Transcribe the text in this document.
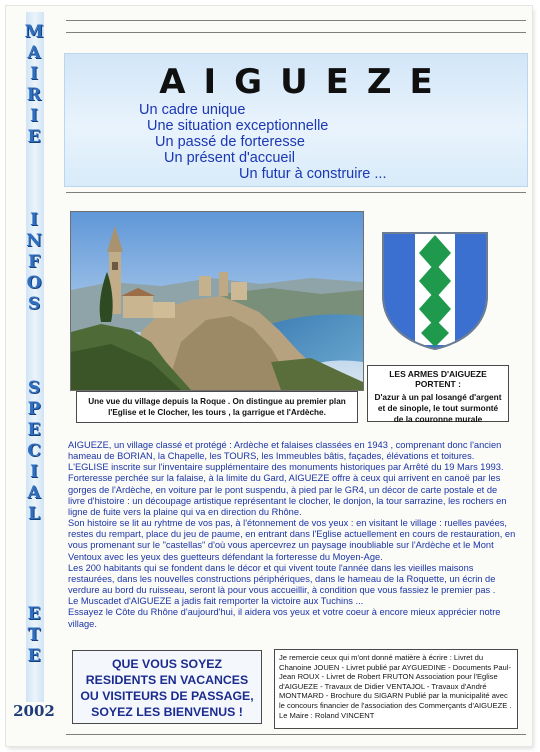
M
A
I
R
I
E
I
N
F
O
S
S
P
E
C
I
A
L
E
T
E
2002
AIGUEZE
Un cadre unique
Une situation exceptionnelle
Un passé de forteresse
Un présent d'accueil
Un futur à construire ...
Une vue du village depuis la Roque . On distingue au premier plan l'Eglise et le Clocher, les tours , la garrigue et l'Ardèche.
LES ARMES D'AIGUEZE PORTENT :
D'azur à un pal losangé d'argent et de sinople, le tout surmonté de la couronne murale

AIGUEZE, un village classé et protégé : Ardèche et falaises classées en 1943 , comprenant donc l'ancien hameau de BORIAN, la Chapelle, les TOURS, les Immeubles bâtis, façades, élévations et toitures. L'EGLISE inscrite sur l'inventaire supplémentaire des monuments historiques par Arrêté du 19 Mars 1993.

Forteresse perchée sur la falaise, à la limite du Gard, AIGUEZE offre à ceux qui arrivent en canoë par les gorges de l'Ardèche, en voiture par le pont suspendu, à pied par le GR4, un décor de carte postale et de livre d'histoire : un découpage artistique représentant le clocher, le donjon, la tour sarrazine, les rochers en ligne de fuite vers la plaine qui va en direction du Rhône.

Son histoire se lit au ryhtme de vos pas, à l'étonnement de vos yeux : en visitant le village : ruelles pavées, restes du rempart, place du jeu de paume, en entrant dans l'Eglise actuellement en cours de restauration, en vous promenant sur le "castellas" d'où vous apercevrez un paysage inoubliable sur l'Ardèche et le Mont Ventoux avec les yeux des guetteurs défendant la forteresse du Moyen-Age.

Les 200 habitants qui se fondent dans le décor et qui vivent toute l'année dans les vieilles maisons restaurées, dans les nouvelles constructions périphériques, dans le hameau de la Roquette, un écrin de verdure au bord du ruisseau, seront là pour vous accueillir, à condition que vous fassiez le premier pas .

Le Muscadet d'AIGUEZE a jadis fait remporter la victoire aux Tuchins ...

Essayez le Côte du Rhône d'aujourd'hui, il aidera vos yeux et votre coeur à encore mieux apprécier notre village.

QUE VOUS SOYEZ
RESIDENTS EN VACANCES
OU VISITEURS DE PASSAGE,
SOYEZ LES BIENVENUS !
Je remercie ceux qui m'ont donné matière à écrire : Livret du Chanoine JOUEN - Livret publié par AYGUEDINE - Documents Paul-Jean ROUX - Livret de Robert FRUTON Association pour l'Eglise d'AIGUEZE - Travaux de Didier VENTAJOL - Travaux d'André MONTMARD - Brochure du SIGARN Publié par la municipalité avec le concours financier de l'association des Commerçants d'AIGUEZE . Le Maire : Roland VINCENT
